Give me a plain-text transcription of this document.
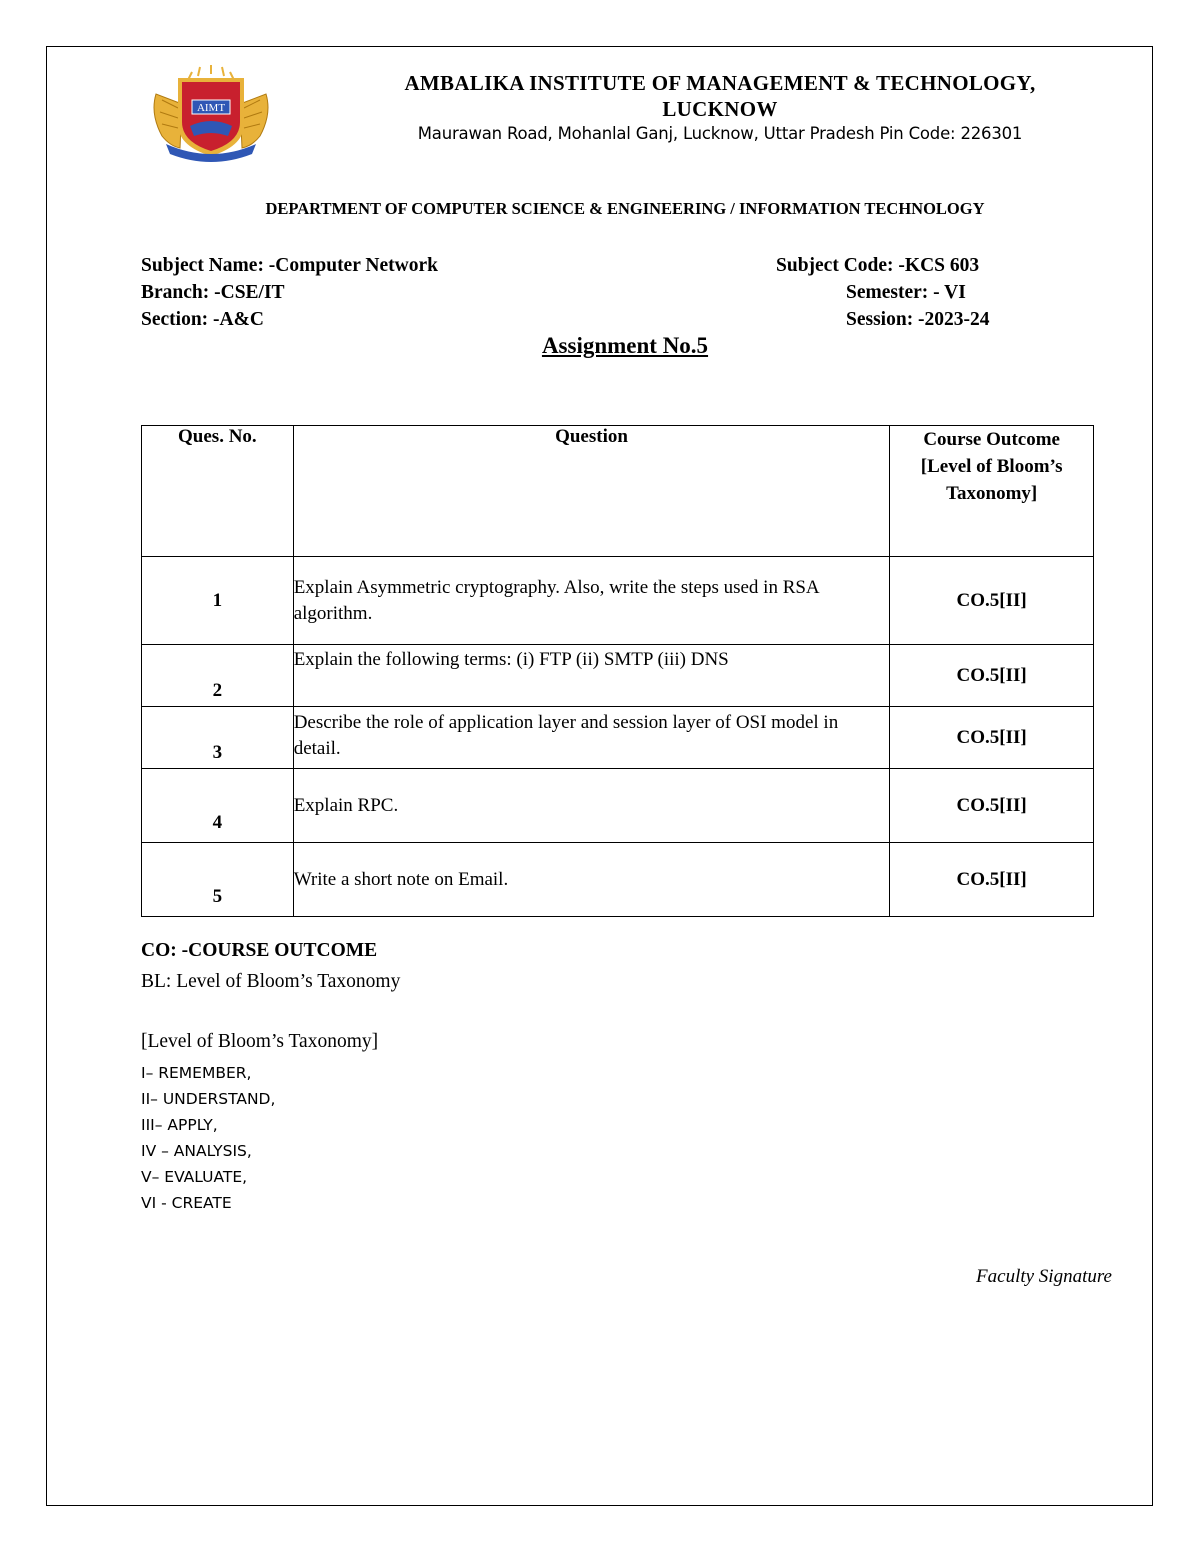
AIMT
AMBALIKA INSTITUTE OF MANAGEMENT & TECHNOLOGY,
LUCKNOW
Maurawan Road, Mohanlal Ganj, Lucknow, Uttar Pradesh Pin Code: 226301
DEPARTMENT OF COMPUTER SCIENCE & ENGINEERING / INFORMATION TECHNOLOGY
Subject Name: -Computer Network
Branch: -CSE/IT
Section: -A&C
Subject Code: -KCS 603
Semester: - VI
Session: -2023-24
Assignment No.5
Ques. No.	Question	Course Outcome
[Level of Bloom’s
Taxonomy]

1	Explain Asymmetric cryptography. Also, write the steps used in RSA algorithm.	CO.5[II]
2	Explain the following terms: (i) FTP (ii) SMTP (iii) DNS	CO.5[II]
3	Describe the role of application layer and session layer of OSI model in detail.	CO.5[II]
4	Explain RPC.	CO.5[II]
5	Write a short note on Email.	CO.5[II]
CO: -COURSE OUTCOME
BL: Level of Bloom’s Taxonomy
[Level of Bloom’s Taxonomy]
I– REMEMBER,
II– UNDERSTAND,
III– APPLY,
IV – ANALYSIS,
V– EVALUATE,
VI - CREATE
Faculty Signature
